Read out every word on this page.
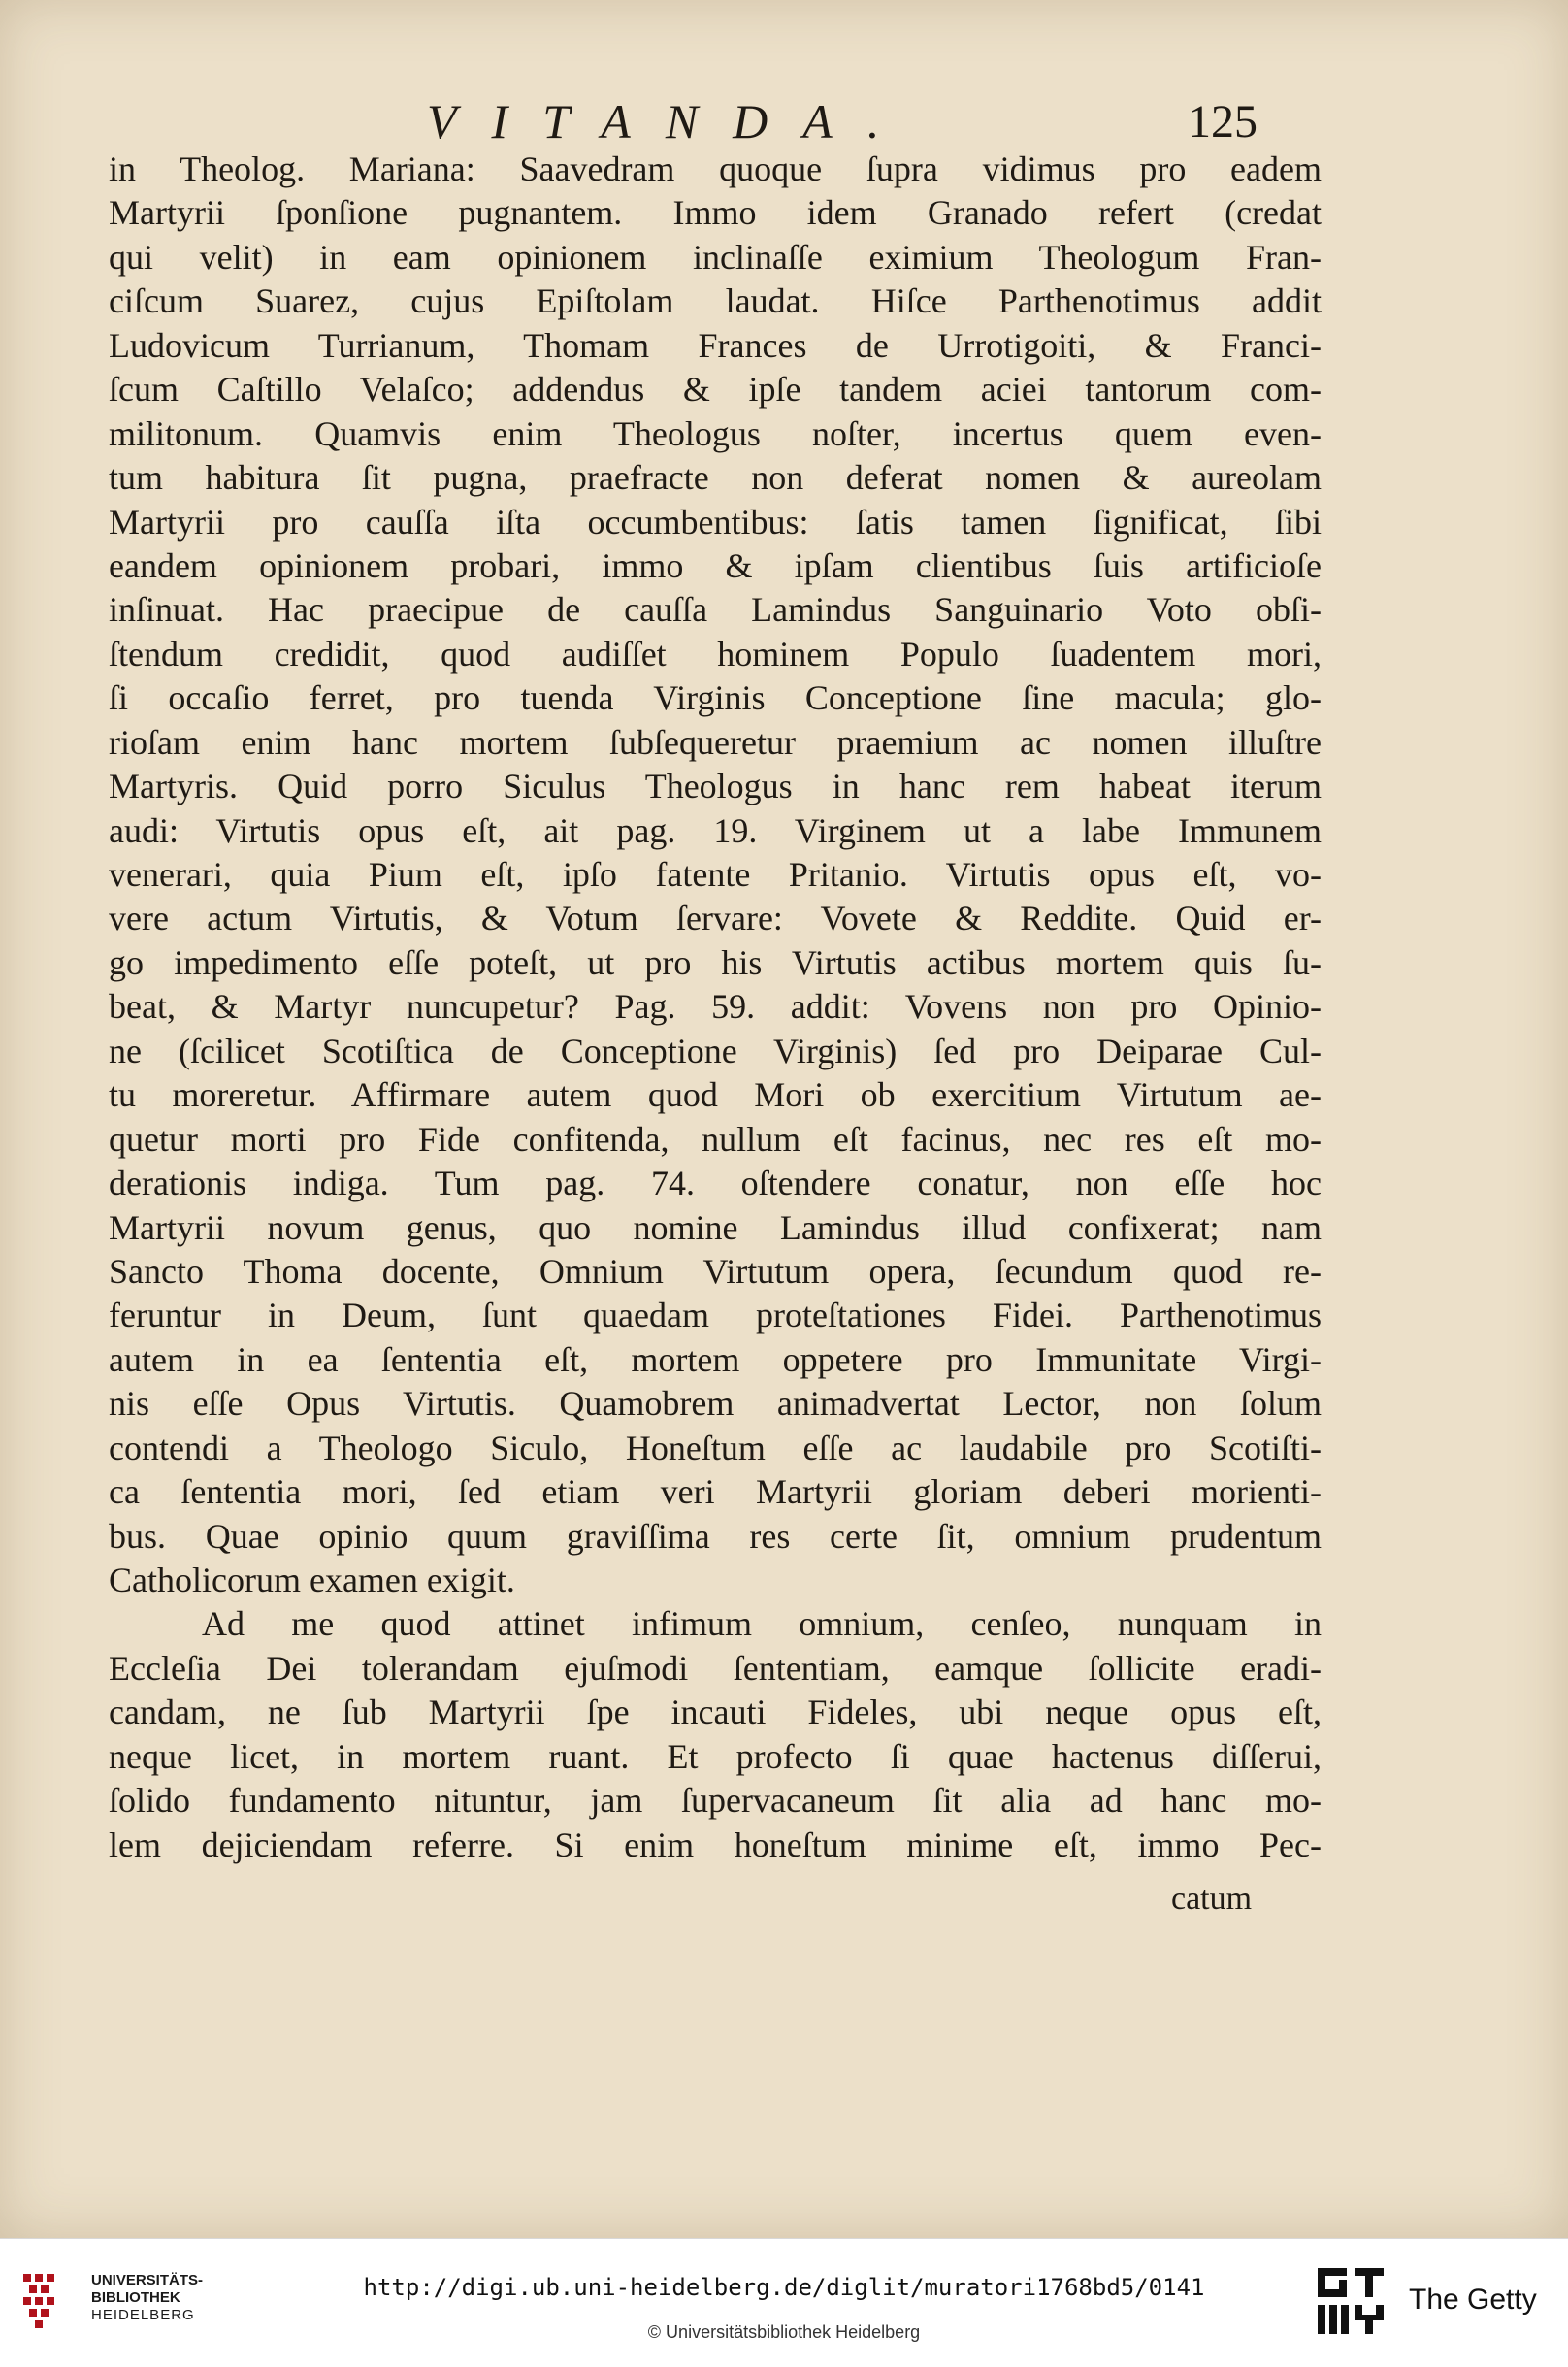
VITANDA.	125
in Theolog. Mariana: Saavedram quoque ſupra vidimus pro eadem
Martyrii ſponſione pugnantem. Immo idem Granado refert (credat
qui velit) in eam opinionem inclinaſſe eximium Theologum Fran-
ciſcum Suarez, cujus Epiſtolam laudat. Hiſce Parthenotimus addit
Ludovicum Turrianum, Thomam Frances de Urrotigoiti, & Franci-
ſcum Caſtillo Velaſco; addendus & ipſe tandem aciei tantorum com-
militonum. Quamvis enim Theologus noſter, incertus quem even-
tum habitura ſit pugna, praefracte non deferat nomen & aureolam
Martyrii pro cauſſa iſta occumbentibus: ſatis tamen ſignificat, ſibi
eandem opinionem probari, immo & ipſam clientibus ſuis artificioſe
inſinuat. Hac praecipue de cauſſa Lamindus Sanguinario Voto obſi-
ſtendum credidit, quod audiſſet hominem Populo ſuadentem mori,
ſi occaſio ferret, pro tuenda Virginis Conceptione ſine macula; glo-
rioſam enim hanc mortem ſubſequeretur praemium ac nomen illuſtre
Martyris. Quid porro Siculus Theologus in hanc rem habeat iterum
audi: Virtutis opus eſt, ait pag. 19. Virginem ut a labe Immunem
venerari, quia Pium eſt, ipſo fatente Pritanio. Virtutis opus eſt, vo-
vere actum Virtutis, & Votum ſervare: Vovete & Reddite. Quid er-
go impedimento eſſe poteſt, ut pro his Virtutis actibus mortem quis ſu-
beat, & Martyr nuncupetur? Pag. 59. addit: Vovens non pro Opinio-
ne (ſcilicet Scotiſtica de Conceptione Virginis) ſed pro Deiparae Cul-
tu moreretur. Affirmare autem quod Mori ob exercitium Virtutum ae-
quetur morti pro Fide confitenda, nullum eſt facinus, nec res eſt mo-
derationis indiga. Tum pag. 74. oſtendere conatur, non eſſe hoc
Martyrii novum genus, quo nomine Lamindus illud confixerat; nam
Sancto Thoma docente, Omnium Virtutum opera, ſecundum quod re-
feruntur in Deum, ſunt quaedam proteſtationes Fidei. Parthenotimus
autem in ea ſententia eſt, mortem oppetere pro Immunitate Virgi-
nis eſſe Opus Virtutis. Quamobrem animadvertat Lector, non ſolum
contendi a Theologo Siculo, Honeſtum eſſe ac laudabile pro Scotiſti-
ca ſententia mori, ſed etiam veri Martyrii gloriam deberi morienti-
bus. Quae opinio quum graviſſima res certe ſit, omnium prudentum
Catholicorum examen exigit.
Ad me quod attinet infimum omnium, cenſeo, nunquam in
Eccleſia Dei tolerandam ejuſmodi ſententiam, eamque ſollicite eradi-
candam, ne ſub Martyrii ſpe incauti Fideles, ubi neque opus eſt,
neque licet, in mortem ruant. Et profecto ſi quae hactenus diſſerui,
ſolido fundamento nituntur, jam ſupervacaneum ſit alia ad hanc mo-
lem dejiciendam referre. Si enim honeſtum minime eſt, immo Pec-
catum
UNIVERSITÄTS-
BIBLIOTHEK
HEIDELBERG
http://digi.ub.uni-heidelberg.de/diglit/muratori1768bd5/0141
© Universitätsbibliothek Heidelberg
The Getty
